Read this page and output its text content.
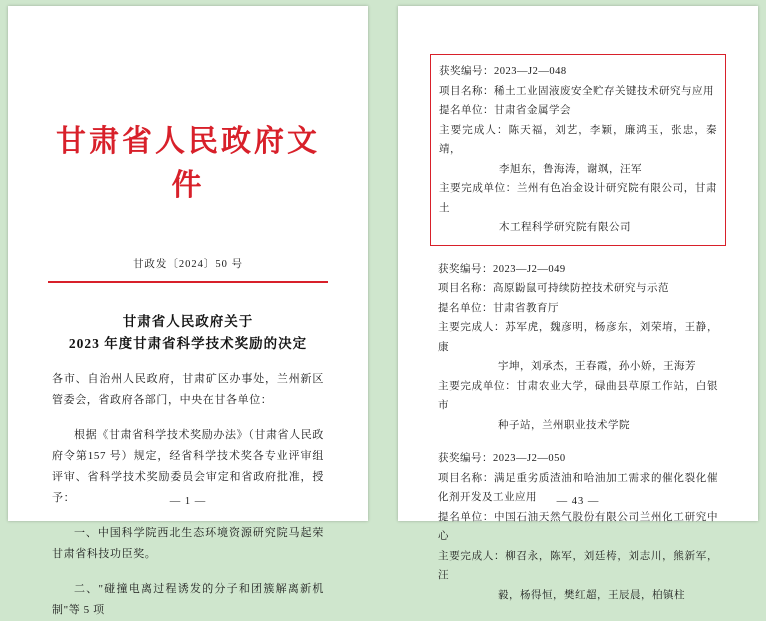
甘肃省人民政府文件
甘政发〔2024〕50 号
甘肃省人民政府关于
2023 年度甘肃省科学技术奖励的决定
各市、自治州人民政府，甘肃矿区办事处，兰州新区管委会，省政府各部门，中央在甘各单位：
根据《甘肃省科学技术奖励办法》（甘肃省人民政府令第157 号）规定，经省科学技术奖各专业评审组评审、省科学技术奖励委员会审定和省政府批准，授予：
一、中国科学院西北生态环境资源研究院马起荣甘肃省科技功臣奖。
二、"碰撞电离过程诱发的分子和团簇解离新机制"等 5 项
— 1 —
获奖编号：2023—J2—048
项目名称：稀土工业固液废安全贮存关键技术研究与应用
提名单位：甘肃省金属学会
主要完成人：陈天福，刘艺，李颖，廉鸿玉，张忠，秦靖，
李旭东，鲁海涛，谢飒，汪军
主要完成单位：兰州有色冶金设计研究院有限公司，甘肃土
木工程科学研究院有限公司
获奖编号：2023—J2—049
项目名称：高原鼢鼠可持续防控技术研究与示范
提名单位：甘肃省教育厅
主要完成人：苏军虎，魏彦明，杨彦东，刘荣堉，王静，康
宇坤，刘承杰，王春霞，孙小娇，王海芳
主要完成单位：甘肃农业大学，碌曲县草原工作站，白银市
种子站，兰州职业技术学院
获奖编号：2023—J2—050
项目名称：满足重劣质渣油和哈油加工需求的催化裂化催化剂开发及工业应用
提名单位：中国石油天然气股份有限公司兰州化工研究中心
主要完成人：柳召永，陈军，刘廷梼，刘志川，熊新军，汪
毅，杨得恒，樊红超，王辰晨，柏镇柱
— 43 —
